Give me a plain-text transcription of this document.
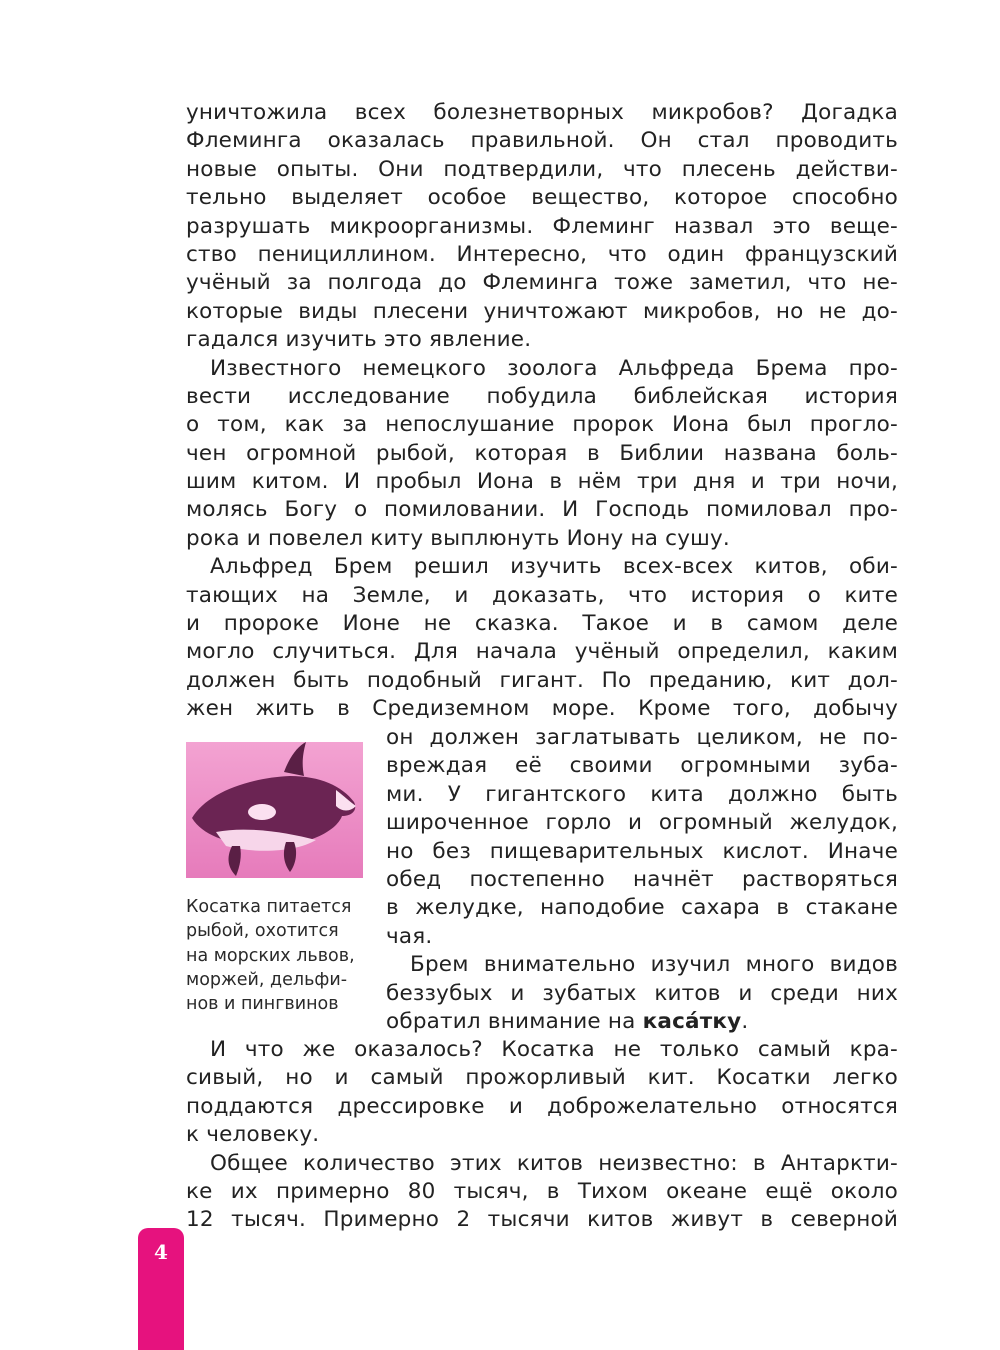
уничтожила всех болезнетворных микробов? Догадка
Флеминга оказалась правильной. Он стал проводить
новые опыты. Они подтвердили, что плесень действи-
тельно выделяет особое вещество, которое способно
разрушать микроорганизмы. Флеминг назвал это веще-
ство пенициллином. Интересно, что один французский
учёный за полгода до Флеминга тоже заметил, что не-
которые виды плесени уничтожают микробов, но не до-
гадался изучить это явление.
Известного немецкого зоолога Альфреда Брема про-
вести исследование побудила библейская история
о том, как за непослушание пророк Иона был прогло-
чен огромной рыбой, которая в Библии названа боль-
шим китом. И пробыл Иона в нём три дня и три ночи,
молясь Богу о помиловании. И Господь помиловал про-
рока и повелел киту выплюнуть Иону на сушу.
Альфред Брем решил изучить всех-всех китов, оби-
тающих на Земле, и доказать, что история о ките
и пророке Ионе не сказка. Такое и в самом деле
могло случиться. Для начала учёный определил, каким
должен быть подобный гигант. По преданию, кит дол-
жен жить в Средиземном море. Кроме того, добычу
Косатка питается
рыбой, охотится
на морских львов,
моржей, дельфи-
нов и пингвинов
он должен заглатывать целиком, не по-
вреждая её своими огромными зуба-
ми. У гигантского кита должно быть
широченное горло и огромный желудок,
но без пищеварительных кислот. Иначе
обед постепенно начнёт растворяться
в желудке, наподобие сахара в стакане
чая.
Брем внимательно изучил много видов
беззубых и зубатых китов и среди них
обратил внимание на каса́тку.
И что же оказалось? Косатка не только самый кра-
сивый, но и самый прожорливый кит. Косатки легко
поддаются дрессировке и доброжелательно относятся
к человеку.
Общее количество этих китов неизвестно: в Антаркти-
ке их примерно 80 тысяч, в Тихом океане ещё около
12 тысяч. Примерно 2 тысячи китов живут в северной
4
